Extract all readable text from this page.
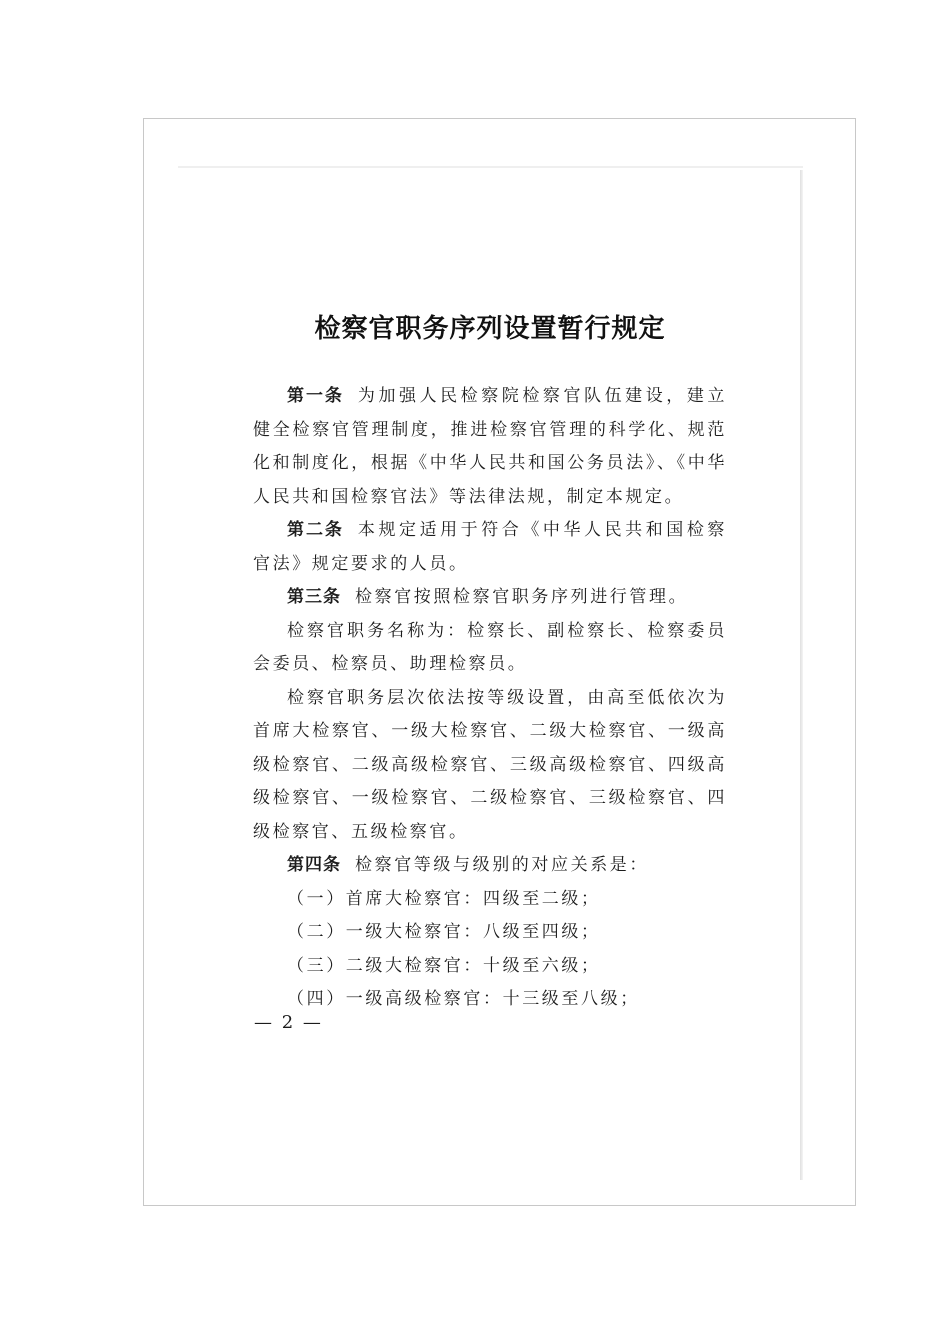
检察官职务序列设置暂行规定

第一条 为加强人民检察院检察官队伍建设，建立健全检察官管理制度，推进检察官管理的科学化、规范化和制度化，根据《中华人民共和国公务员法》、《中华人民共和国检察官法》等法律法规，制定本规定。

第二条 本规定适用于符合《中华人民共和国检察官法》规定要求的人员。

第三条 检察官按照检察官职务序列进行管理。

检察官职务名称为：检察长、副检察长、检察委员会委员、检察员、助理检察员。

检察官职务层次依法按等级设置，由高至低依次为首席大检察官、一级大检察官、二级大检察官、一级高级检察官、二级高级检察官、三级高级检察官、四级高级检察官、一级检察官、二级检察官、三级检察官、四级检察官、五级检察官。

第四条 检察官等级与级别的对应关系是：

（一）首席大检察官：四级至二级；

（二）一级大检察官：八级至四级；

（三）二级大检察官：十级至六级；

（四）一级高级检察官：十三级至八级；

— 2 —
